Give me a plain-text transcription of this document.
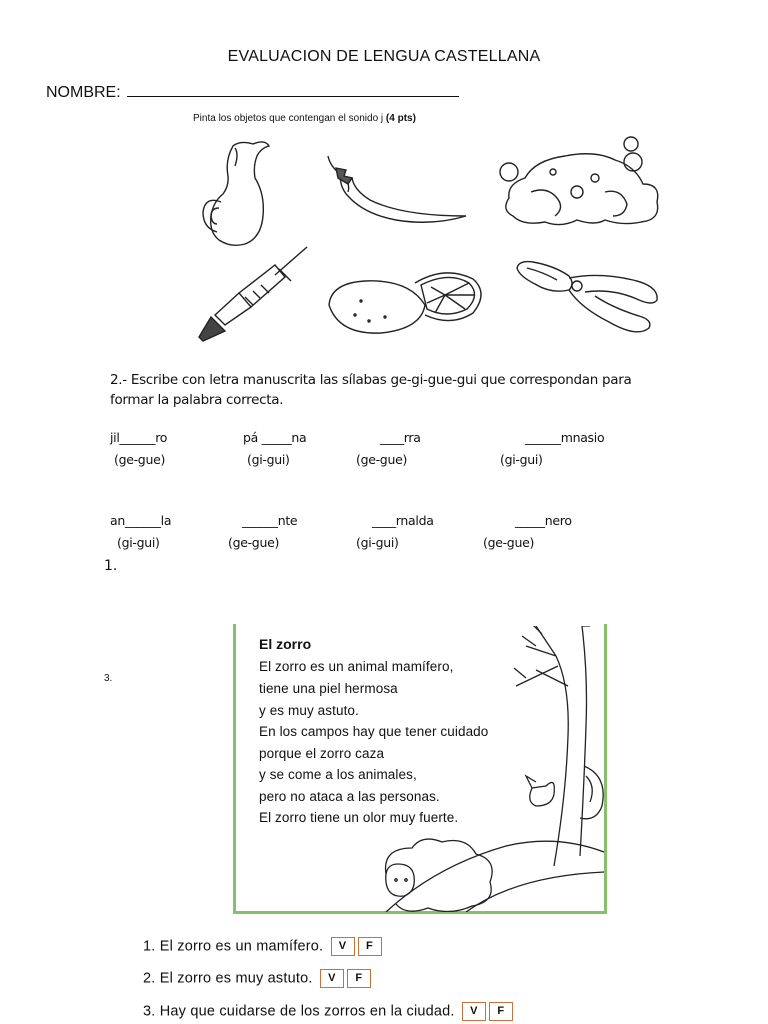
EVALUACION DE LENGUA CASTELLANA
NOMBRE:
Pinta los objetos que contengan el sonido j (4 pts)
2.- Escribe con letra manuscrita las sílabas ge-gi-gue-gui que correspondan para formar la palabra correcta.
jil______ro
(ge-gue)
pá _____na
(gi-gui)
____rra
(ge-gue)
______mnasio
(gi-gui)
an______la
(gi-gui)
______nte
(ge-gue)
____rnalda
(gi-gui)
_____nero
(ge-gue)
1.
3.
El zorro
El zorro es un animal mamífero,
tiene una piel hermosa
y es muy astuto.
En los campos hay que tener cuidado
porque el zorro caza
y se come a los animales,
pero no ataca a las personas.
El zorro tiene un olor muy fuerte.
1. El zorro es un mamífero. V F
2. El zorro es muy astuto. V F
3. Hay que cuidarse de los zorros en la ciudad. V F
